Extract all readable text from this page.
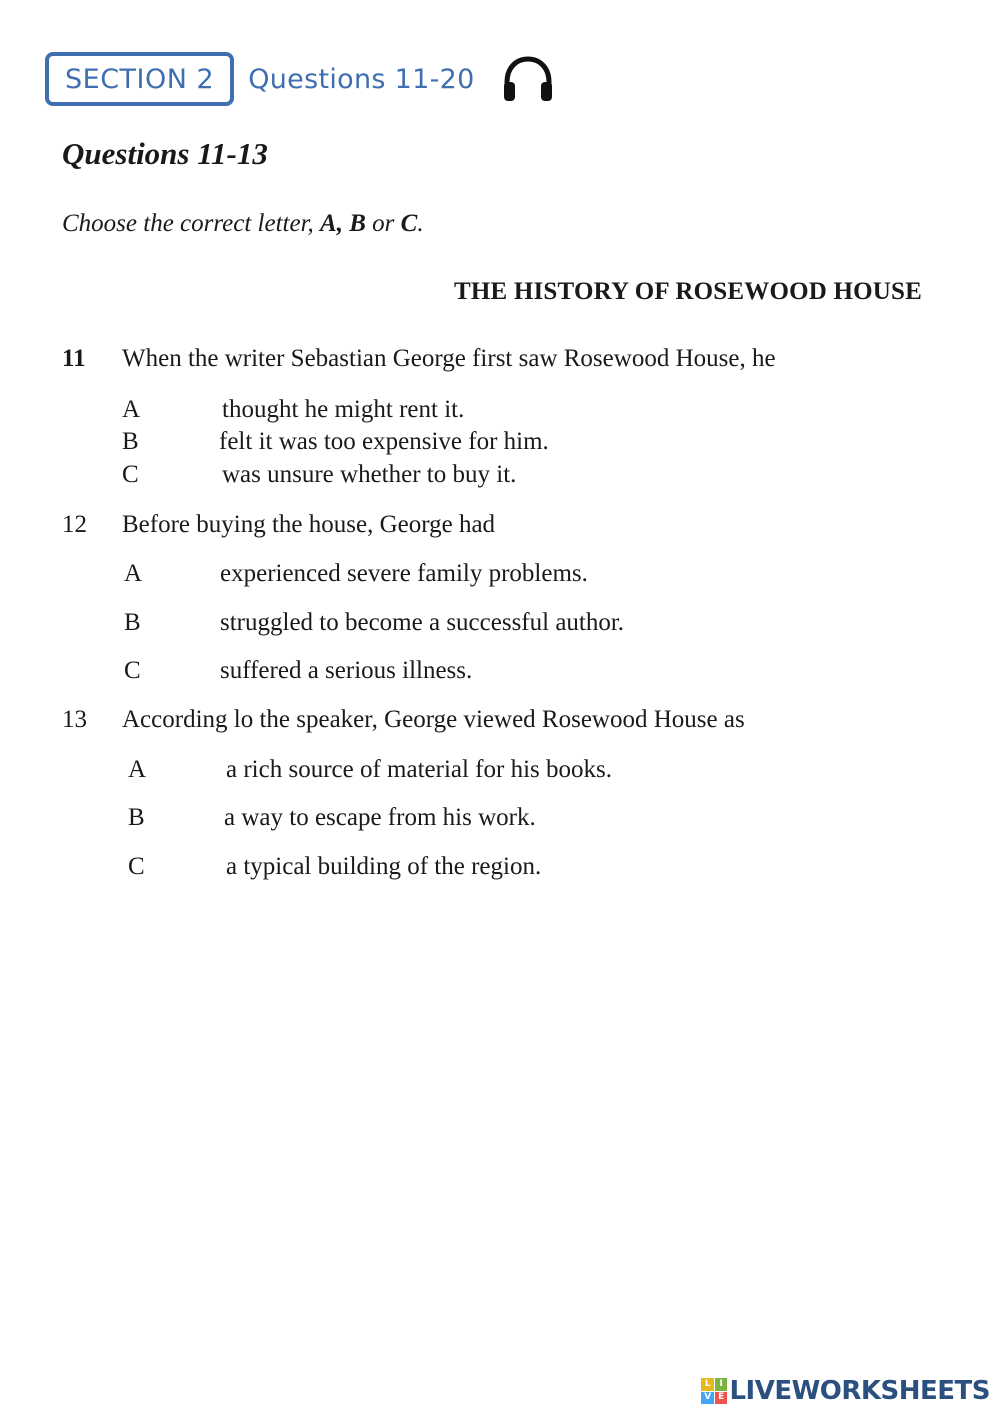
SECTION 2	Questions 11-20
Questions 11-13
Choose the correct letter, A, B or C.
THE HISTORY OF ROSEWOOD HOUSE
11 When the writer Sebastian George first saw Rosewood House, he
A	thought he might rent it.
B	felt it was too expensive for him.
C	was unsure whether to buy it.
12 Before buying the house, George had
A	experienced severe family problems.
B	struggled to become a successful author.
C	suffered a serious illness.
13 According lo the speaker, George viewed Rosewood House as
A	a rich source of material for his books.
B	a way to escape from his work.
C	a typical building of the region.
L I
V E LIVEWORKSHEETS
